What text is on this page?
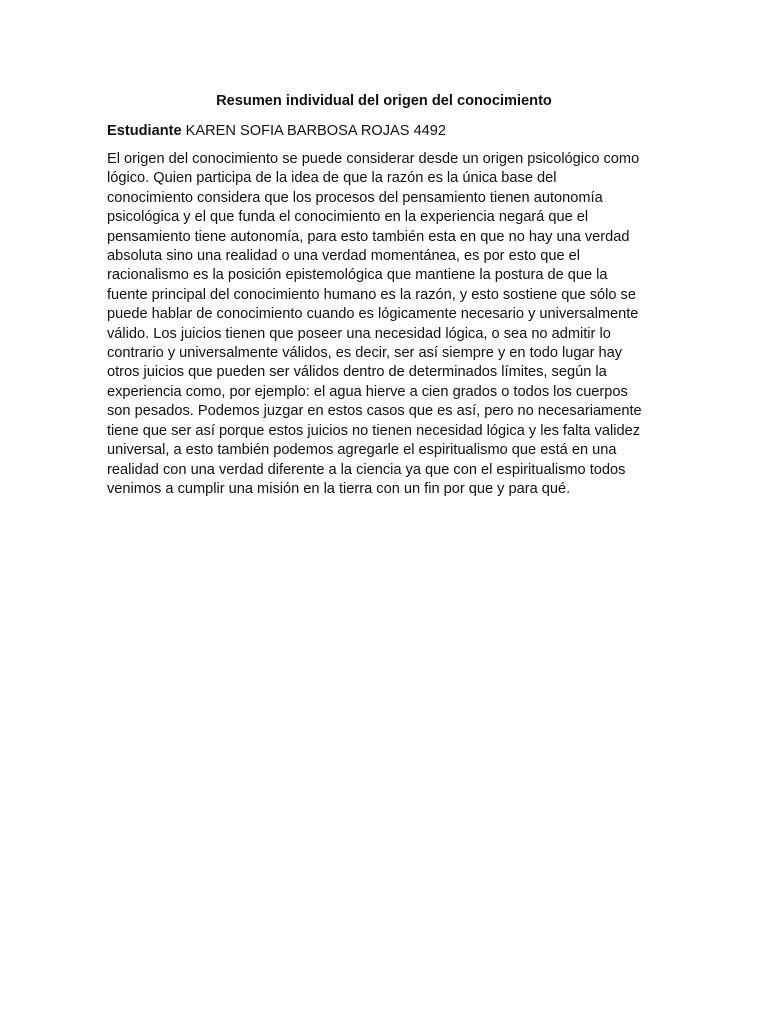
Resumen individual del origen del conocimiento
Estudiante KAREN SOFIA BARBOSA ROJAS 4492
El origen del conocimiento se puede considerar desde un origen psicológico como
lógico. Quien participa de la idea de que la razón es la única base del
conocimiento considera que los procesos del pensamiento tienen autonomía
psicológica y el que funda el conocimiento en la experiencia negará que el
pensamiento tiene autonomía, para esto también esta en que no hay una verdad
absoluta sino una realidad o una verdad momentánea, es por esto que el
racionalismo es la posición epistemológica que mantiene la postura de que la
fuente principal del conocimiento humano es la razón, y esto sostiene que sólo se
puede hablar de conocimiento cuando es lógicamente necesario y universalmente
válido. Los juicios tienen que poseer una necesidad lógica, o sea no admitir lo
contrario y universalmente válidos, es decir, ser así siempre y en todo lugar hay
otros juicios que pueden ser válidos dentro de determinados límites, según la
experiencia como, por ejemplo: el agua hierve a cien grados o todos los cuerpos
son pesados. Podemos juzgar en estos casos que es así, pero no necesariamente
tiene que ser así porque estos juicios no tienen necesidad lógica y les falta validez
universal, a esto también podemos agregarle el espiritualismo que está en una
realidad con una verdad diferente a la ciencia ya que con el espiritualismo todos
venimos a cumplir una misión en la tierra con un fin por que y para qué.
